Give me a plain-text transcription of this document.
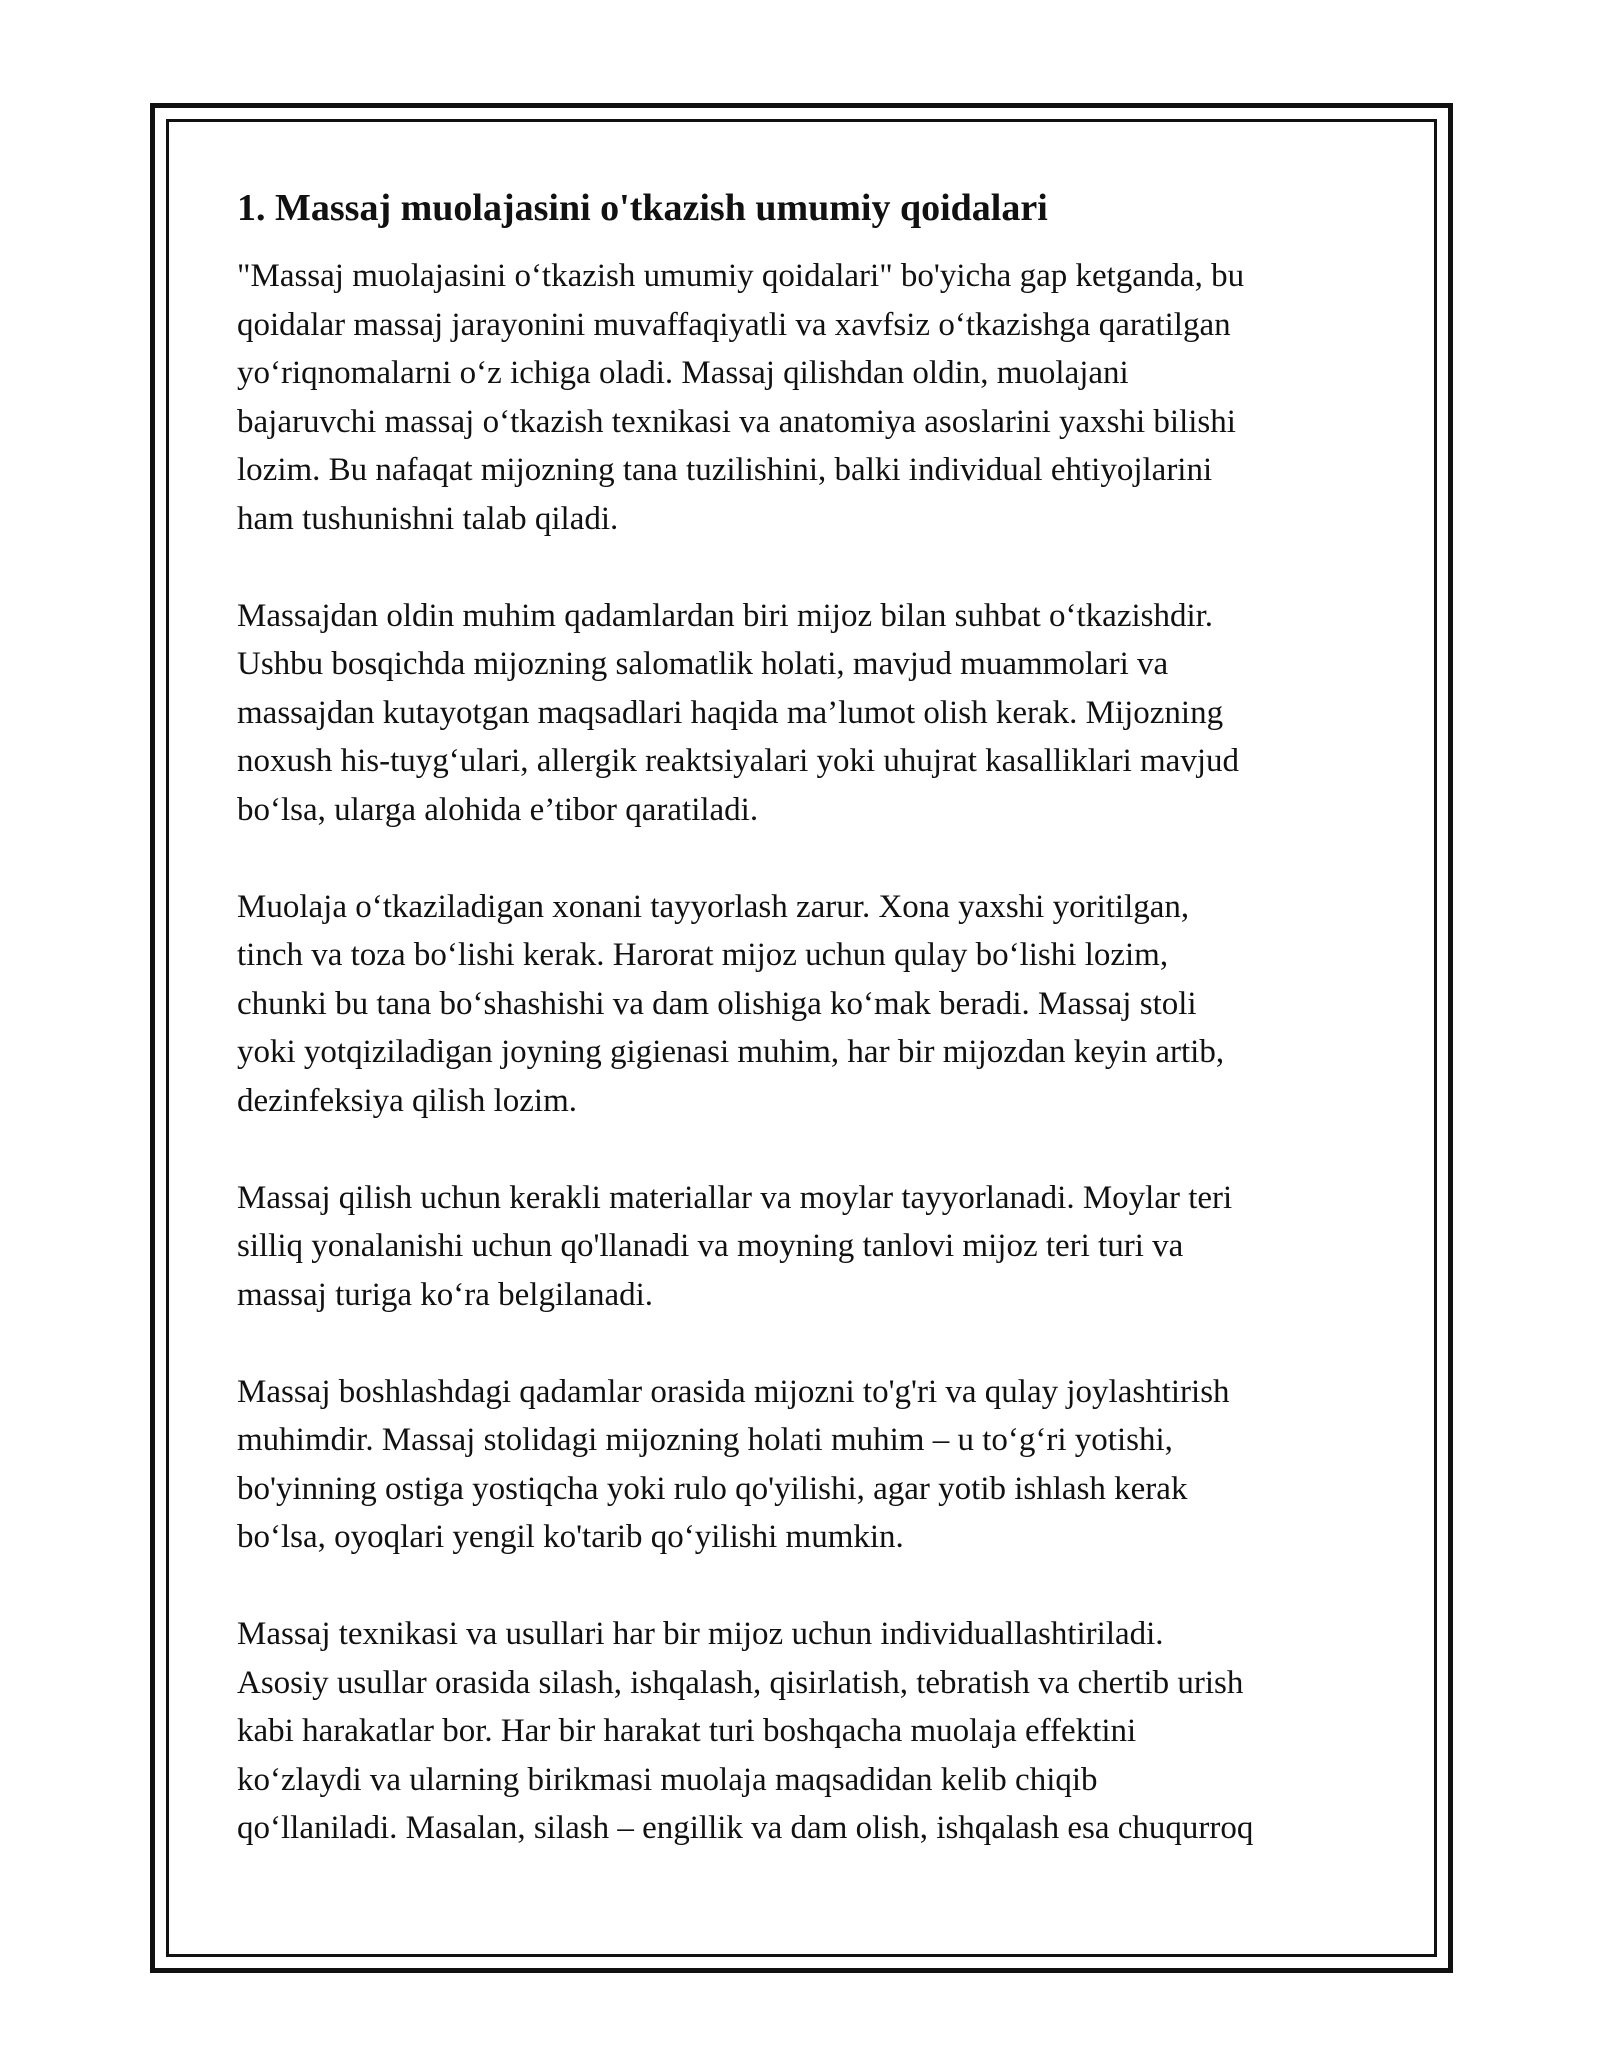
1. Massaj muolajasini o'tkazish umumiy qoidalari
"Massaj muolajasini oʻtkazish umumiy qoidalari" bo'yicha gap ketganda, bu
qoidalar massaj jarayonini muvaffaqiyatli va xavfsiz oʻtkazishga qaratilgan
yoʻriqnomalarni oʻz ichiga oladi. Massaj qilishdan oldin, muolajani
bajaruvchi massaj oʻtkazish texnikasi va anatomiya asoslarini yaxshi bilishi
lozim. Bu nafaqat mijozning tana tuzilishini, balki individual ehtiyojlarini
ham tushunishni talab qiladi.
Massajdan oldin muhim qadamlardan biri mijoz bilan suhbat oʻtkazishdir.
Ushbu bosqichda mijozning salomatlik holati, mavjud muammolari va
massajdan kutayotgan maqsadlari haqida ma’lumot olish kerak. Mijozning
noxush his-tuygʻulari, allergik reaktsiyalari yoki uhujrat kasalliklari mavjud
boʻlsa, ularga alohida e’tibor qaratiladi.
Muolaja oʻtkaziladigan xonani tayyorlash zarur. Xona yaxshi yoritilgan,
tinch va toza boʻlishi kerak. Harorat mijoz uchun qulay boʻlishi lozim,
chunki bu tana boʻshashishi va dam olishiga koʻmak beradi. Massaj stoli
yoki yotqiziladigan joyning gigienasi muhim, har bir mijozdan keyin artib,
dezinfeksiya qilish lozim.
Massaj qilish uchun kerakli materiallar va moylar tayyorlanadi. Moylar teri
silliq yonalanishi uchun qo'llanadi va moyning tanlovi mijoz teri turi va
massaj turiga koʻra belgilanadi.
Massaj boshlashdagi qadamlar orasida mijozni to'g'ri va qulay joylashtirish
muhimdir. Massaj stolidagi mijozning holati muhim – u toʻgʻri yotishi,
bo'yinning ostiga yostiqcha yoki rulo qo'yilishi, agar yotib ishlash kerak
boʻlsa, oyoqlari yengil ko'tarib qoʻyilishi mumkin.
Massaj texnikasi va usullari har bir mijoz uchun individuallashtiriladi.
Asosiy usullar orasida silash, ishqalash, qisirlatish, tebratish va chertib urish
kabi harakatlar bor. Har bir harakat turi boshqacha muolaja effektini
koʻzlaydi va ularning birikmasi muolaja maqsadidan kelib chiqib
qoʻllaniladi. Masalan, silash – engillik va dam olish, ishqalash esa chuqurroq
